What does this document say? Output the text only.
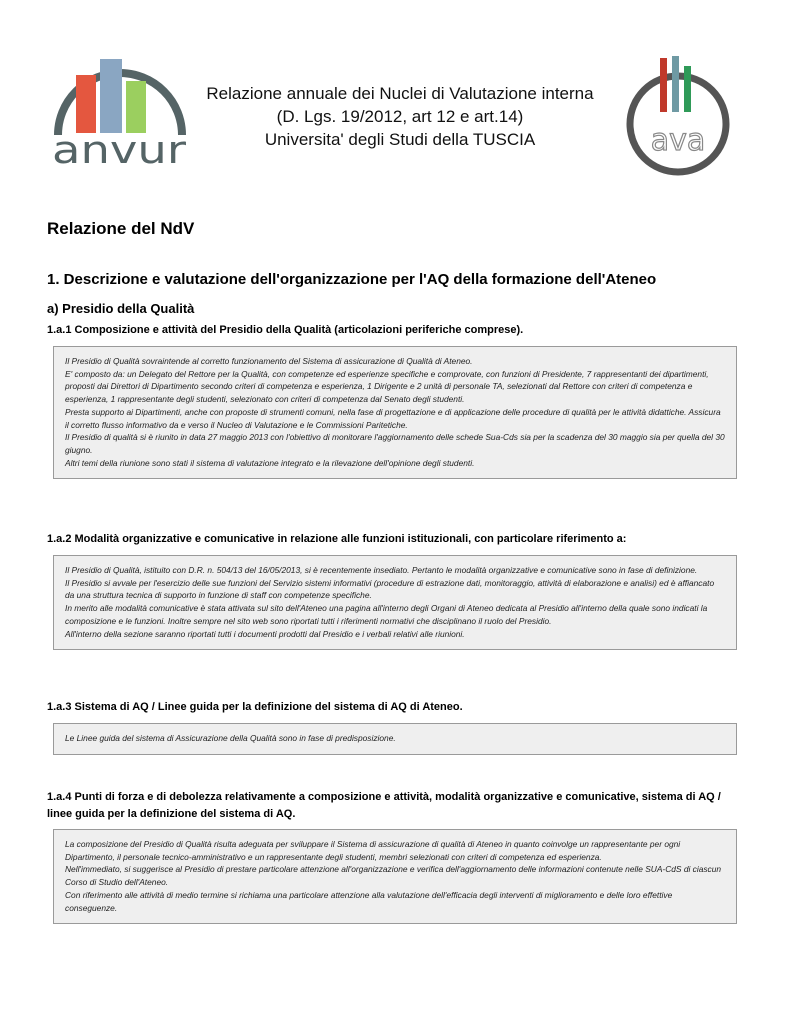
anvur
Relazione annuale dei Nuclei di Valutazione interna
(D. Lgs. 19/2012, art 12 e art.14)
Universita' degli Studi della TUSCIA	ava
Relazione del NdV
1. Descrizione e valutazione dell'organizzazione per l'AQ della formazione dell'Ateneo
a) Presidio della Qualità
1.a.1 Composizione e attività del Presidio della Qualità (articolazioni periferiche comprese).

Il Presidio di Qualità sovraintende al corretto funzionamento del Sistema di assicurazione di Qualità di Ateneo.

E' composto da: un Delegato del Rettore per la Qualità, con competenze ed esperienze specifiche e comprovate, con funzioni di Presidente, 7 rappresentanti dei dipartimenti, proposti dai Direttori di Dipartimento secondo criteri di competenza e esperienza, 1 Dirigente e 2 unità di personale TA, selezionati dal Rettore con criteri di competenza e esperienza, 1 rappresentante degli studenti, selezionato con criteri di competenza dal Senato degli studenti.

Presta supporto ai Dipartimenti, anche con proposte di strumenti comuni, nella fase di progettazione e di applicazione delle procedure di qualità per le attività didattiche. Assicura il corretto flusso informativo da e verso il Nucleo di Valutazione e le Commissioni Paritetiche.

Il Presidio di qualità si è riunito in data 27 maggio 2013 con l'obiettivo di monitorare l'aggiornamento delle schede Sua-Cds sia per la scadenza del 30 maggio sia per quella del 30 giugno.

Altri temi della riunione sono stati il sistema di valutazione integrato e la rilevazione dell'opinione degli studenti.

1.a.2 Modalità organizzative e comunicative in relazione alle funzioni istituzionali, con particolare riferimento a:

Il Presidio di Qualità, istituito con D.R. n. 504/13 del 16/05/2013, si è recentemente insediato. Pertanto le modalità organizzative e comunicative sono in fase di definizione.

Il Presidio si avvale per l'esercizio delle sue funzioni del Servizio sistemi informativi (procedure di estrazione dati, monitoraggio, attività di elaborazione e analisi) ed è affiancato da una struttura tecnica di supporto in funzione di staff con competenze specifiche.

In merito alle modalità comunicative è stata attivata sul sito dell'Ateneo una pagina all'interno degli Organi di Ateneo dedicata al Presidio all'interno della quale sono indicati la composizione e le funzioni. Inoltre sempre nel sito web sono riportati tutti i riferimenti normativi che disciplinano il ruolo del Presidio.

All'interno della sezione saranno riportati tutti i documenti prodotti dal Presidio e i verbali relativi alle riunioni.

1.a.3 Sistema di AQ / Linee guida per la definizione del sistema di AQ di Ateneo.

Le Linee guida del sistema di Assicurazione della Qualità sono in fase di predisposizione.

1.a.4 Punti di forza e di debolezza relativamente a composizione e attività, modalità organizzative e comunicative, sistema di AQ / linee guida per la definizione del sistema di AQ.

La composizione del Presidio di Qualità risulta adeguata per sviluppare il Sistema di assicurazione di qualità di Ateneo in quanto coinvolge un rappresentante per ogni Dipartimento, il personale tecnico-amministrativo e un rappresentante degli studenti, membri selezionati con criteri di competenza ed esperienza.

Nell'immediato, si suggerisce al Presidio di prestare particolare attenzione all'organizzazione e verifica dell'aggiornamento delle informazioni contenute nelle SUA-CdS di ciascun Corso di Studio dell'Ateneo.

Con riferimento alle attività di medio termine si richiama una particolare attenzione alla valutazione dell'efficacia degli interventi di miglioramento e delle loro effettive conseguenze.
